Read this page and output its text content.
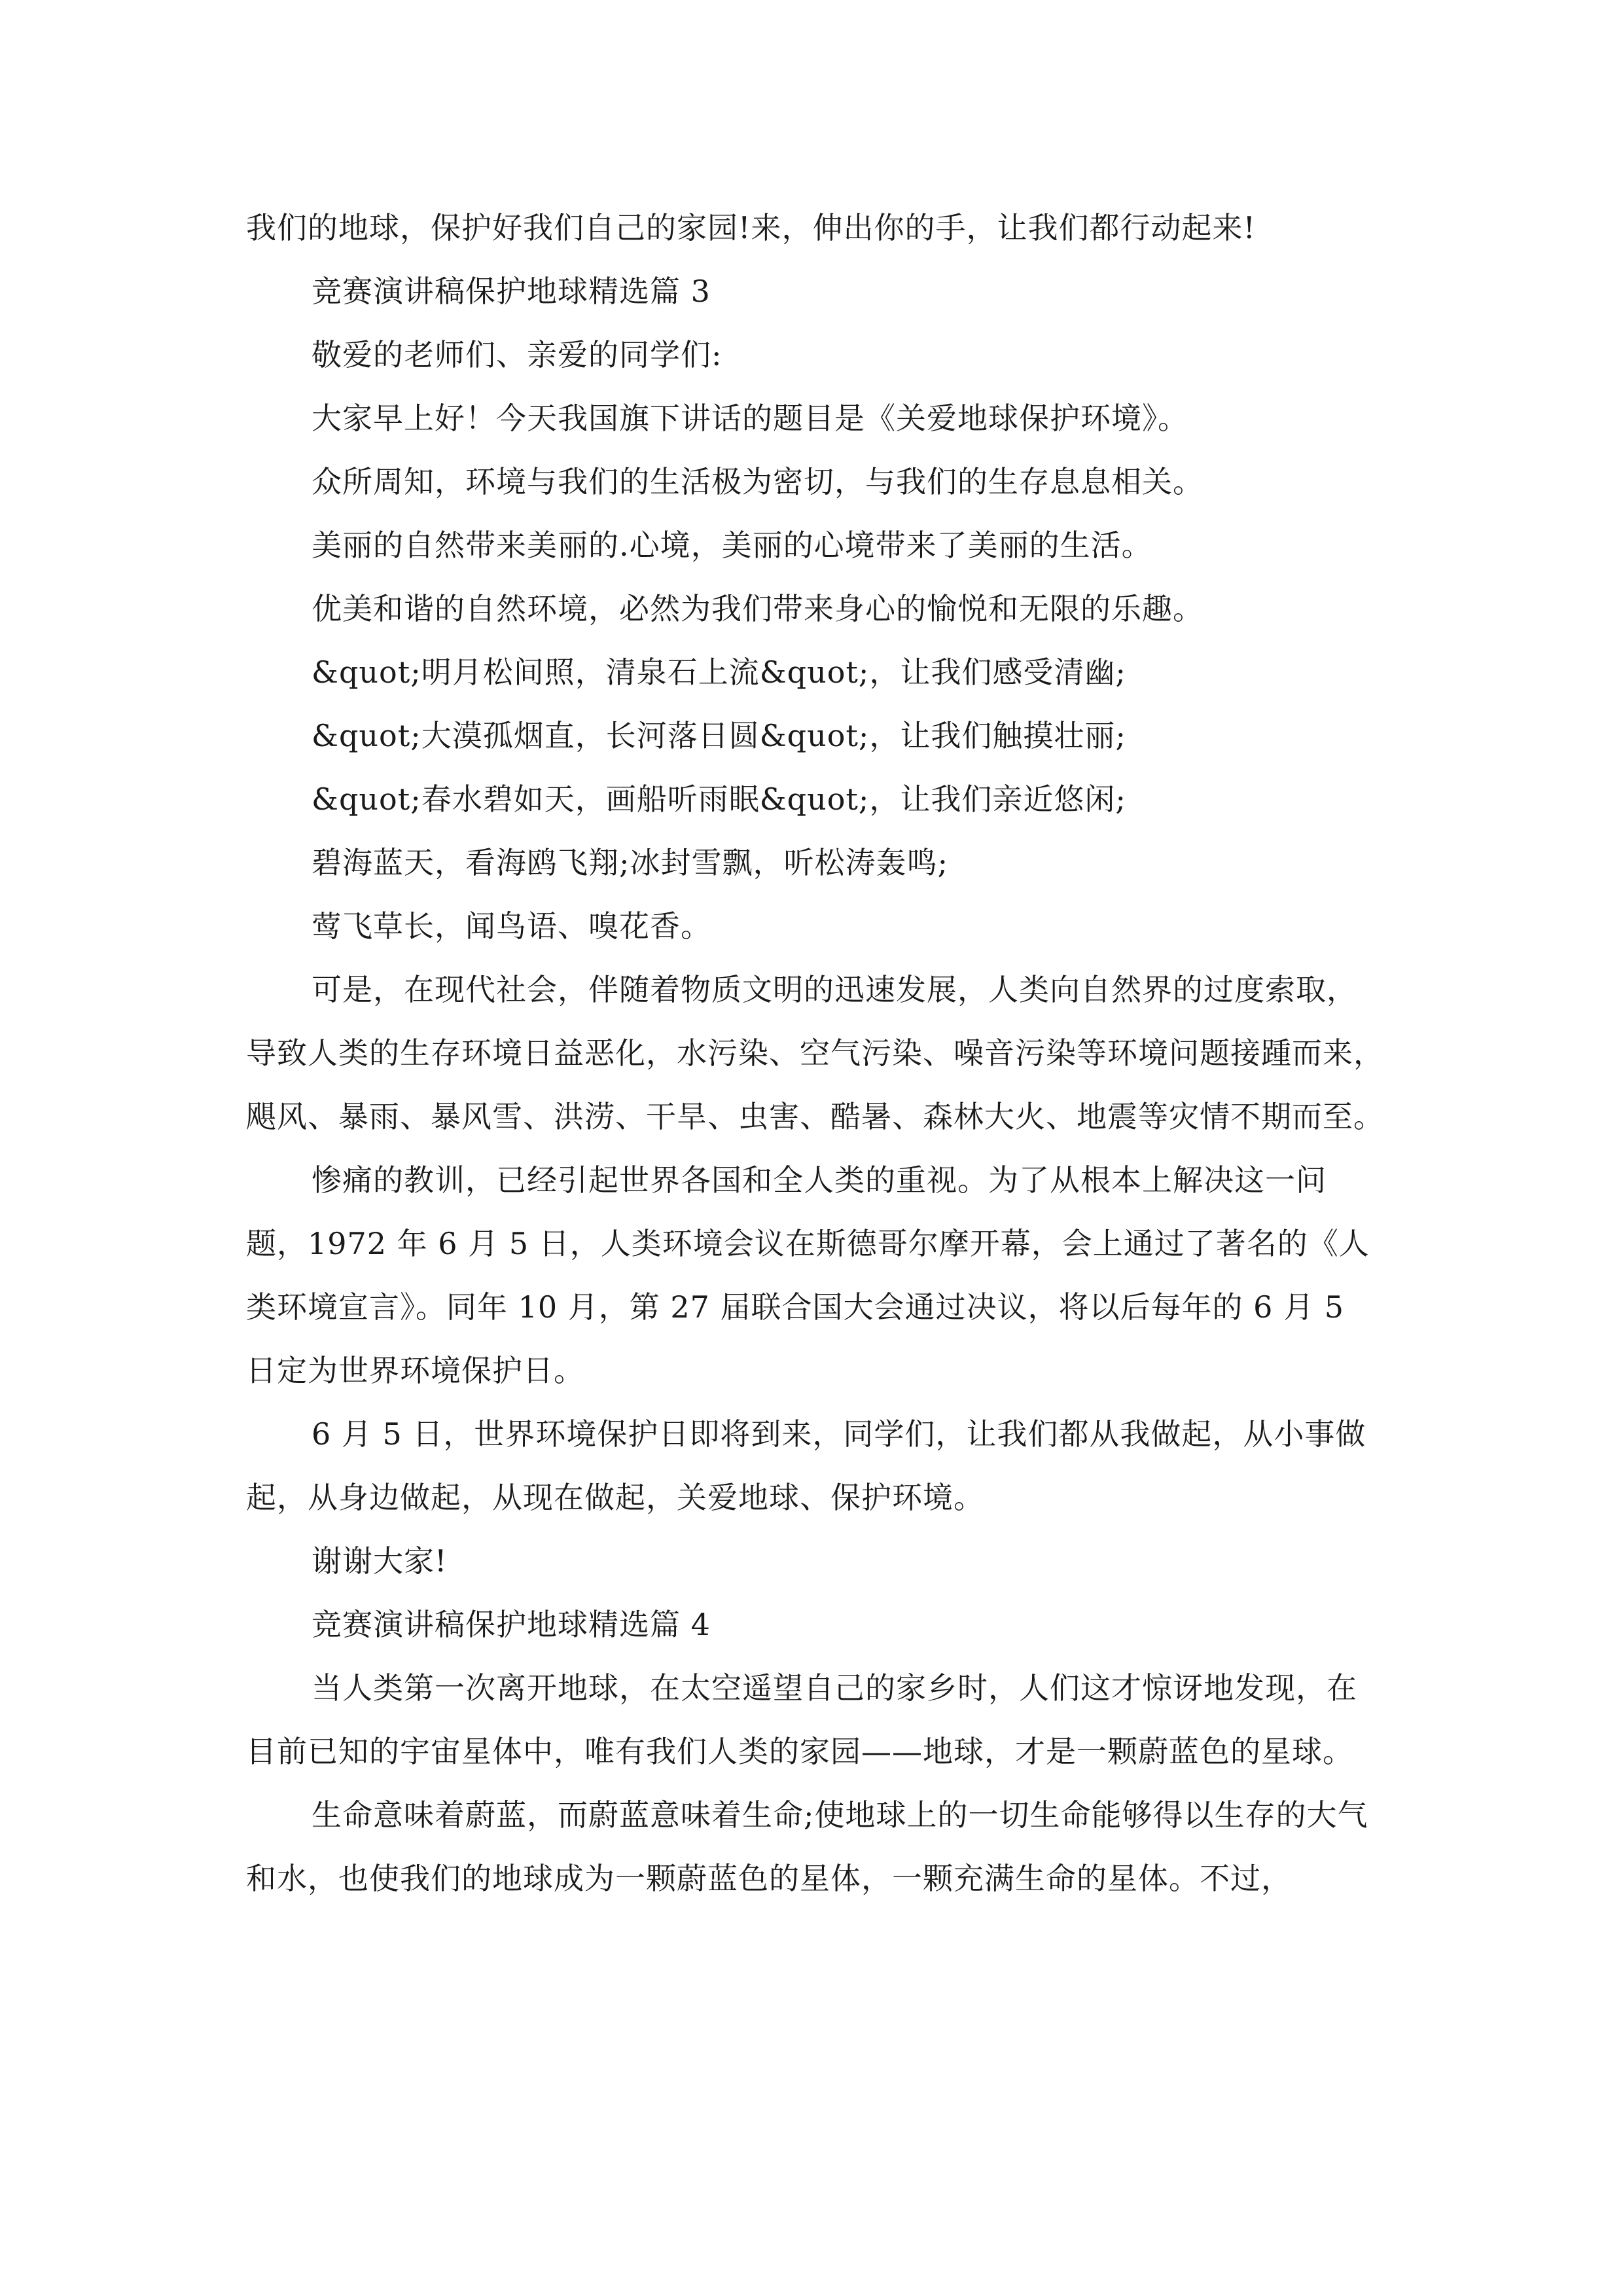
我们的地球，保护好我们自己的家园!来，伸出你的手，让我们都行动起来!

竞赛演讲稿保护地球精选篇 3

敬爱的老师们、亲爱的同学们:

大家早上好！今天我国旗下讲话的题目是《关爱地球保护环境》。

众所周知，环境与我们的生活极为密切，与我们的生存息息相关。

美丽的自然带来美丽的.心境，美丽的心境带来了美丽的生活。

优美和谐的自然环境，必然为我们带来身心的愉悦和无限的乐趣。

&quot;明月松间照，清泉石上流&quot;，让我们感受清幽;

&quot;大漠孤烟直，长河落日圆&quot;，让我们触摸壮丽;

&quot;春水碧如天，画船听雨眠&quot;，让我们亲近悠闲;

碧海蓝天，看海鸥飞翔;冰封雪飘，听松涛轰鸣;

莺飞草长，闻鸟语、嗅花香。

可是，在现代社会，伴随着物质文明的迅速发展，人类向自然界的过度索取，导致人类的生存环境日益恶化，水污染、空气污染、噪音污染等环境问题接踵而来，飓风、暴雨、暴风雪、洪涝、干旱、虫害、酷暑、森林大火、地震等灾情不期而至。

惨痛的教训，已经引起世界各国和全人类的重视。为了从根本上解决这一问题，1972 年 6 月 5 日，人类环境会议在斯德哥尔摩开幕，会上通过了著名的《人类环境宣言》。同年 10 月，第 27 届联合国大会通过决议，将以后每年的 6 月 5 日定为世界环境保护日。

6 月 5 日，世界环境保护日即将到来，同学们，让我们都从我做起，从小事做起，从身边做起，从现在做起，关爱地球、保护环境。

谢谢大家!

竞赛演讲稿保护地球精选篇 4

当人类第一次离开地球，在太空遥望自己的家乡时，人们这才惊讶地发现，在目前已知的宇宙星体中，唯有我们人类的家园——地球，才是一颗蔚蓝色的星球。

生命意味着蔚蓝，而蔚蓝意味着生命;使地球上的一切生命能够得以生存的大气和水，也使我们的地球成为一颗蔚蓝色的星体，一颗充满生命的星体。不过，
